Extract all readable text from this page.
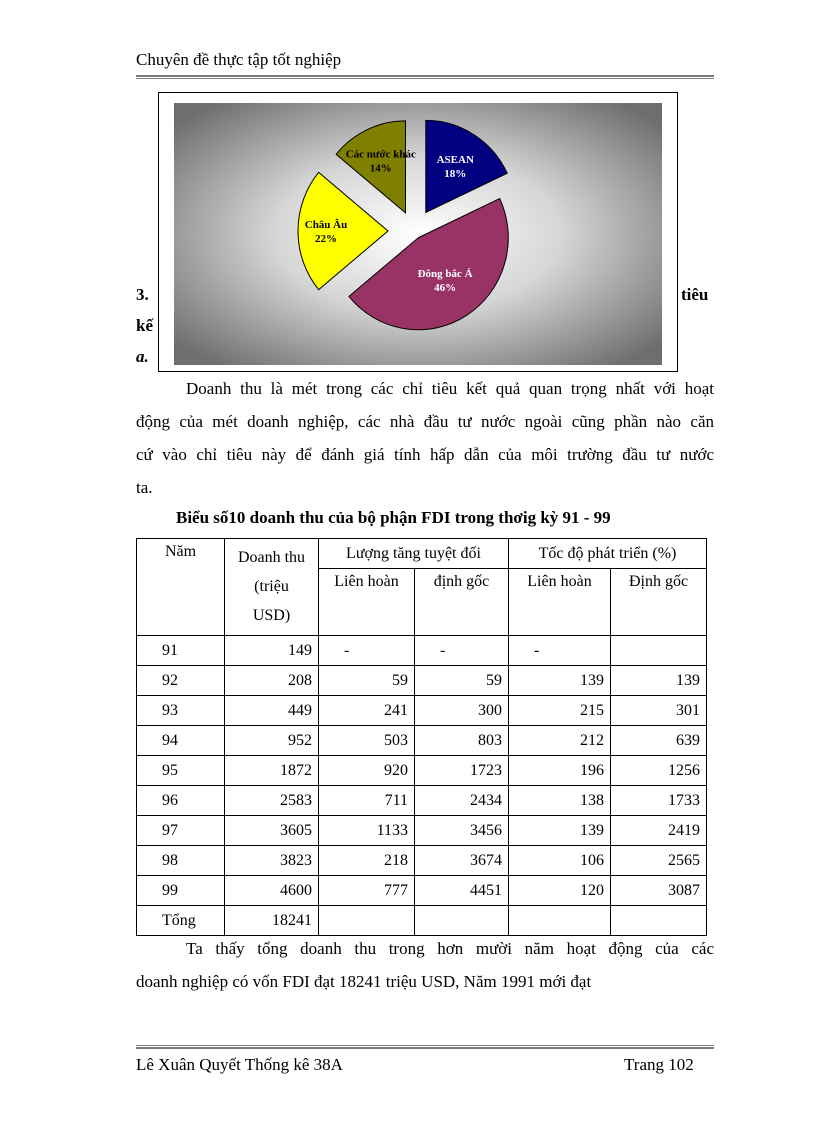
Chuyên đề thực tập tốt nghiệp
3.
kế
a.
tiêu
ASEAN
18%
Đông bắc Á
46%
Châu Âu
22%
Các nước khác
14%
Doanh thu là mét trong các chỉ tiêu kết quả quan trọng nhất với hoạt
động của mét doanh nghiệp, các nhà đầu tư nước ngoài cũng phần nào căn
cứ vào chỉ tiêu này để đánh giá tính hấp dẫn của môi trường đầu tư nước
ta.
Biểu số10 doanh thu của bộ phận FDI trong thơig kỳ 91 - 99
Năm	Doanh thu
(triệu
USD)	Lượng tăng tuyệt đối		Tốc độ phát triển (%)	
		Liên hoàn	định gốc	Liên hoàn	Định gốc
91	149	-	-	-	
92	208	59	59	139	139
93	449	241	300	215	301
94	952	503	803	212	639
95	1872	920	1723	196	1256
96	2583	711	2434	138	1733
97	3605	1133	3456	139	2419
98	3823	218	3674	106	2565
99	4600	777	4451	120	3087
Tổng	18241				
Ta thấy tổng doanh thu trong hơn mười năm hoạt động của các
doanh nghiệp có vốn FDI đạt 18241 triệu USD, Năm 1991 mới đạt
Lê Xuân Quyết Thống kê 38A	Trang 102
